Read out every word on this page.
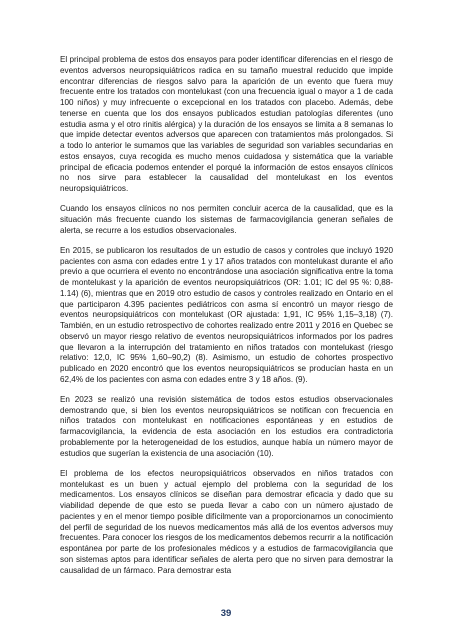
El principal problema de estos dos ensayos para poder identificar diferencias en el riesgo de eventos adversos neuropsiquiátricos radica en su tamaño muestral reducido que impide encontrar diferencias de riesgos salvo para la aparición de un evento que fuera muy frecuente entre los tratados con montelukast (con una frecuencia igual o mayor a 1 de cada 100 niños) y muy infrecuente o excepcional en los tratados con placebo. Además, debe tenerse en cuenta que los dos ensayos publicados estudian patologías diferentes (uno estudia asma y el otro rinitis alérgica) y la duración de los ensayos se limita a 8 semanas lo que impide detectar eventos adversos que aparecen con tratamientos más prolongados. Si a todo lo anterior le sumamos que las variables de seguridad son variables secundarias en estos ensayos, cuya recogida es mucho menos cuidadosa y sistemática que la variable principal de eficacia podemos entender el porqué la información de estos ensayos clínicos no nos sirve para establecer la causalidad del montelukast en los eventos neuropsiquiátricos.

Cuando los ensayos clínicos no nos permiten concluir acerca de la causalidad, que es la situación más frecuente cuando los sistemas de farmacovigilancia generan señales de alerta, se recurre a los estudios observacionales.

En 2015, se publicaron los resultados de un estudio de casos y controles que incluyó 1920 pacientes con asma con edades entre 1 y 17 años tratados con montelukast durante el año previo a que ocurriera el evento no encontrándose una asociación significativa entre la toma de montelukast y la aparición de eventos neuropsiquiátricos (OR: 1.01; IC del 95 %: 0,88-1.14) (6), mientras que en 2019 otro estudio de casos y controles realizado en Ontario en el que participaron 4.395 pacientes pediátricos con asma sí encontró un mayor riesgo de eventos neuropsiquiátricos con montelukast (OR ajustada: 1,91, IC 95% 1,15–3,18) (7). También, en un estudio retrospectivo de cohortes realizado entre 2011 y 2016 en Quebec se observó un mayor riesgo relativo de eventos neuropsiquiátricos informados por los padres que llevaron a la interrupción del tratamiento en niños tratados con montelukast (riesgo relativo: 12,0, IC 95% 1,60–90,2) (8). Asimismo, un estudio de cohortes prospectivo publicado en 2020 encontró que los eventos neuropsiquiátricos se producían hasta en un 62,4% de los pacientes con asma con edades entre 3 y 18 años. (9).

En 2023 se realizó una revisión sistemática de todos estos estudios observacionales demostrando que, si bien los eventos neuropsiquiátricos se notifican con frecuencia en niños tratados con montelukast en notificaciones espontáneas y en estudios de farmacovigilancia, la evidencia de esta asociación en los estudios era contradictoria probablemente por la heterogeneidad de los estudios, aunque había un número mayor de estudios que sugerían la existencia de una asociación (10).

El problema de los efectos neuropsiquiátricos observados en niños tratados con montelukast es un buen y actual ejemplo del problema con la seguridad de los medicamentos. Los ensayos clínicos se diseñan para demostrar eficacia y dado que su viabilidad depende de que esto se pueda llevar a cabo con un número ajustado de pacientes y en el menor tiempo posible difícilmente van a proporcionarnos un conocimiento del perfil de seguridad de los nuevos medicamentos más allá de los eventos adversos muy frecuentes. Para conocer los riesgos de los medicamentos debemos recurrir a la notificación espontánea por parte de los profesionales médicos y a estudios de farmacovigilancia que son sistemas aptos para identificar señales de alerta pero que no sirven para demostrar la causalidad de un fármaco. Para demostrar esta

39
